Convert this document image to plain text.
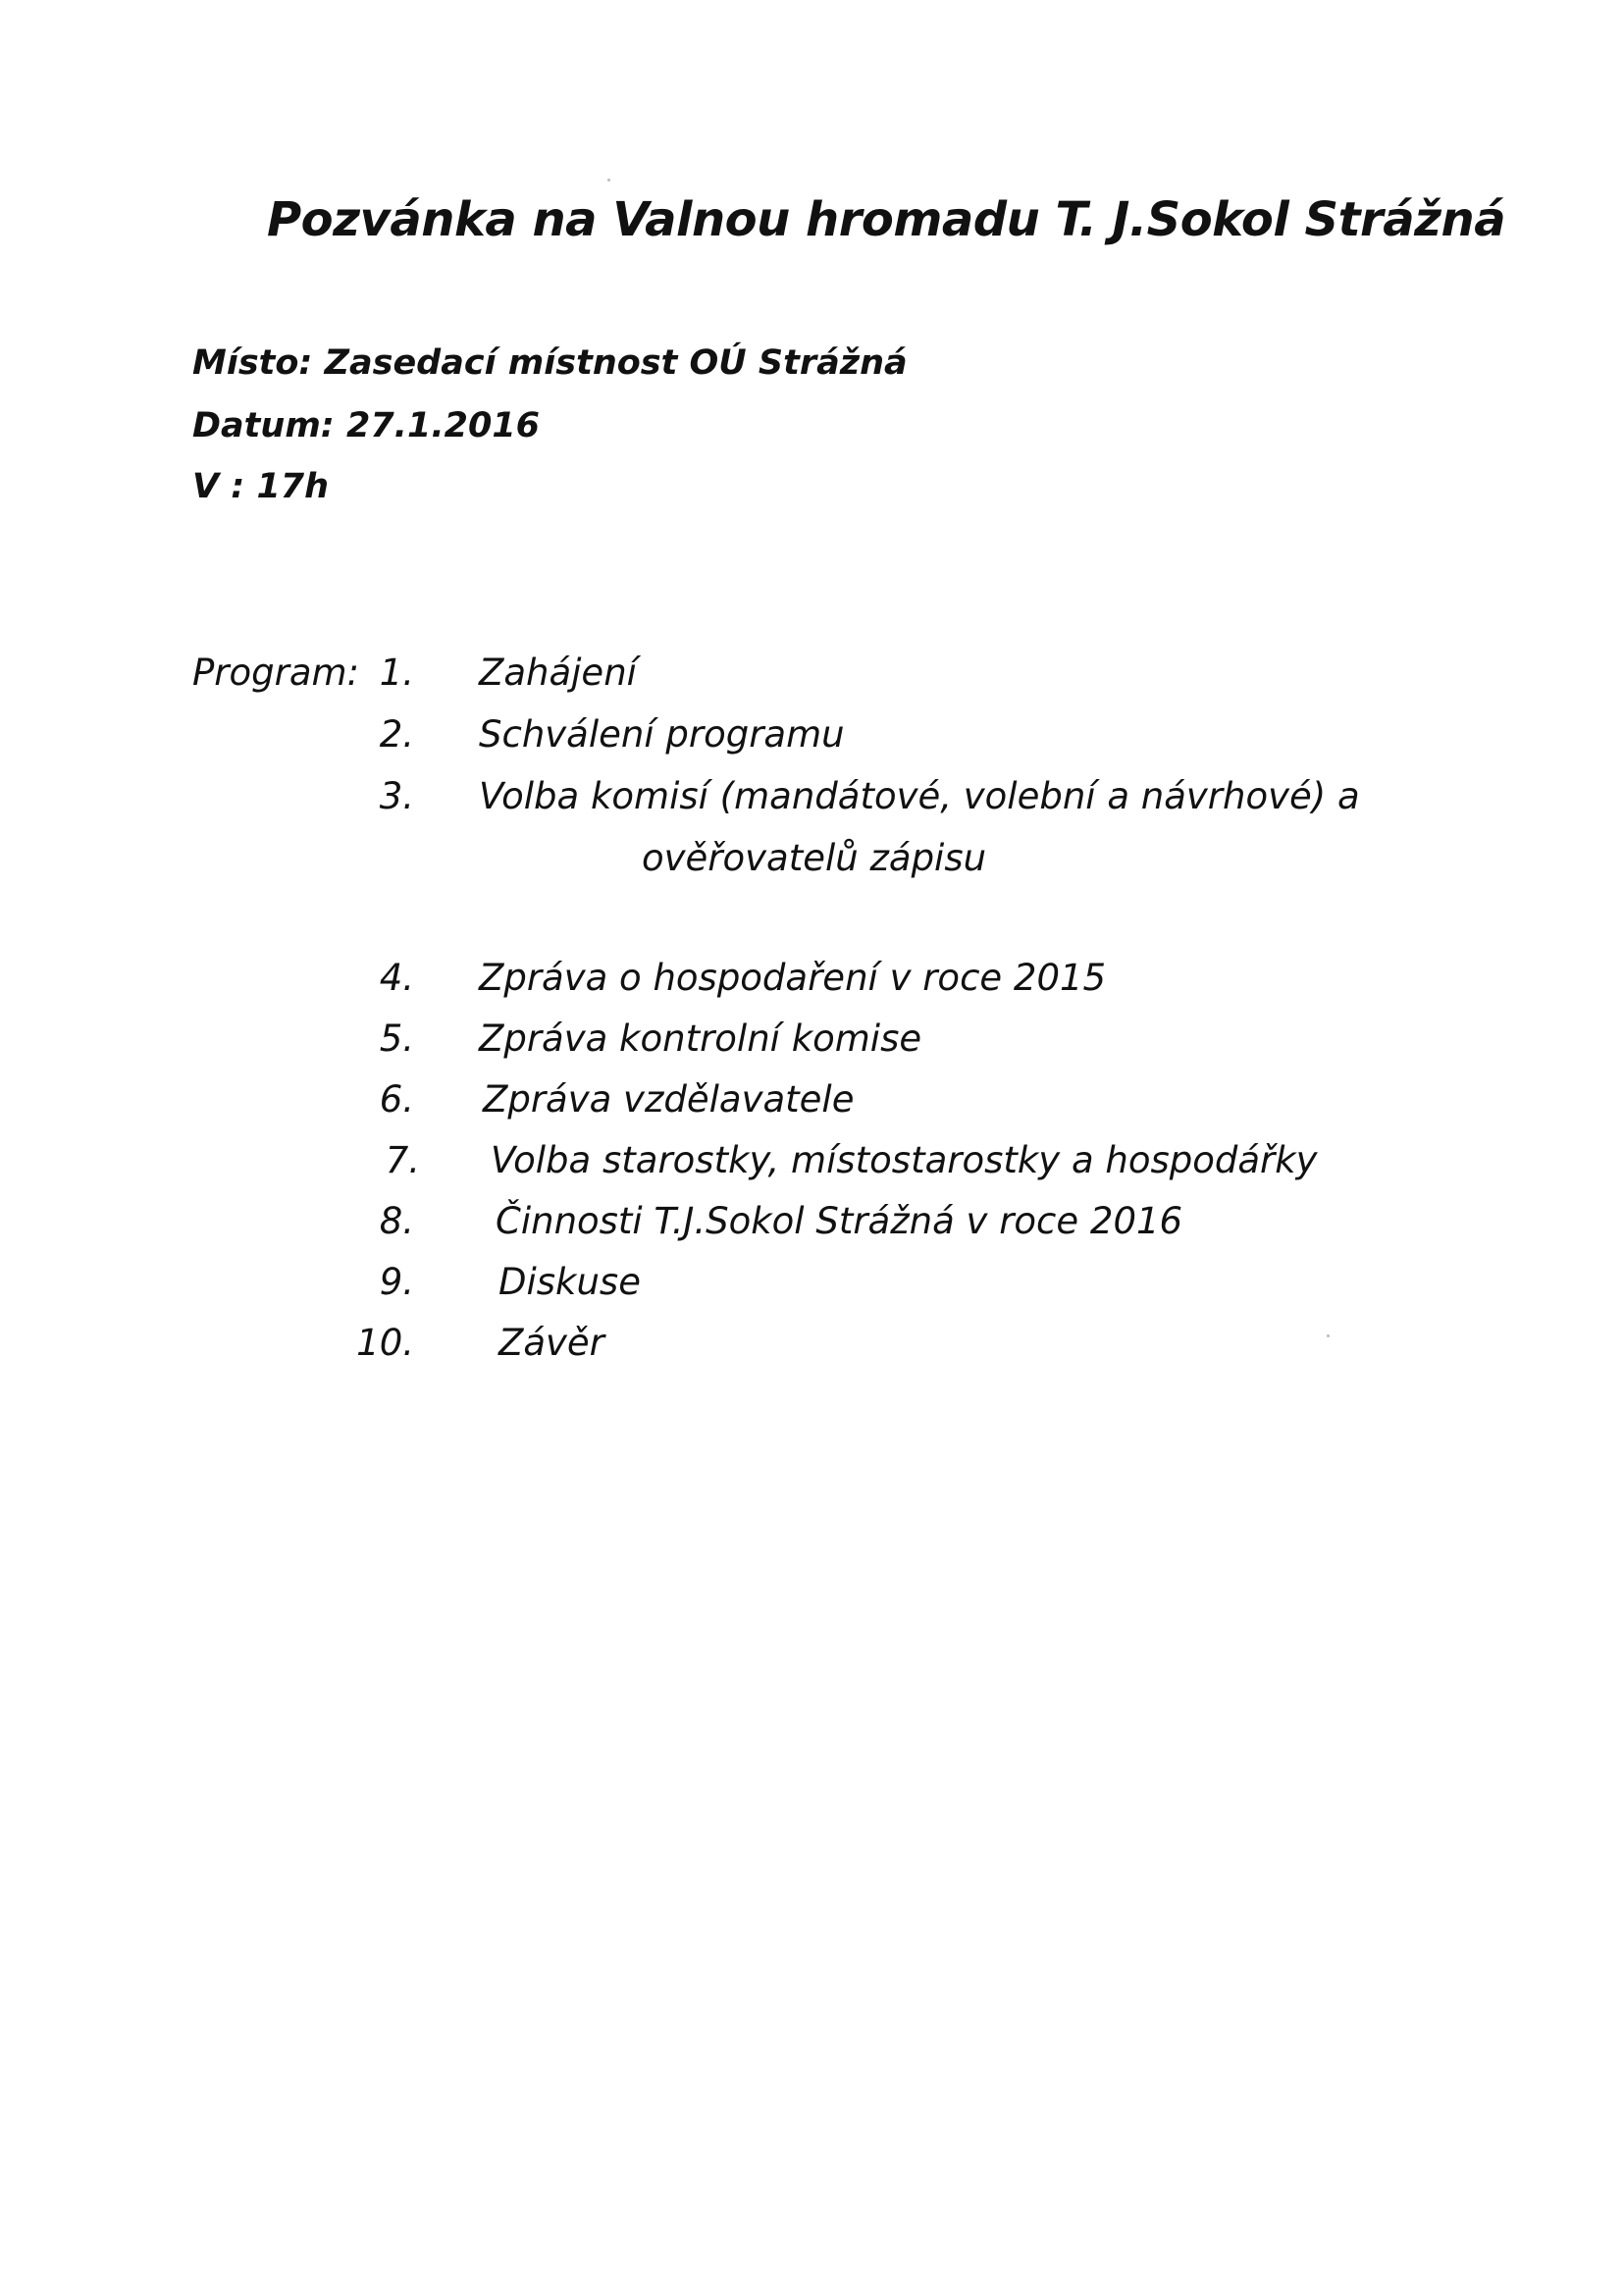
Pozvánka na Valnou hromadu T. J.Sokol Strážná
Místo: Zasedací místnost OÚ Strážná
Datum: 27.1.2016
V : 17h
Program: 1. Zahájení
2. Schválení programu
3. Volba komisí (mandátové, volební a návrhové) a
ověřovatelů zápisu
4. Zpráva o hospodaření v roce 2015
5. Zpráva kontrolní komise
6. Zpráva vzdělavatele
7. Volba starostky, místostarostky a hospodářky
8. Činnosti T.J.Sokol Strážná v roce 2016
9. Diskuse
10. Závěr
